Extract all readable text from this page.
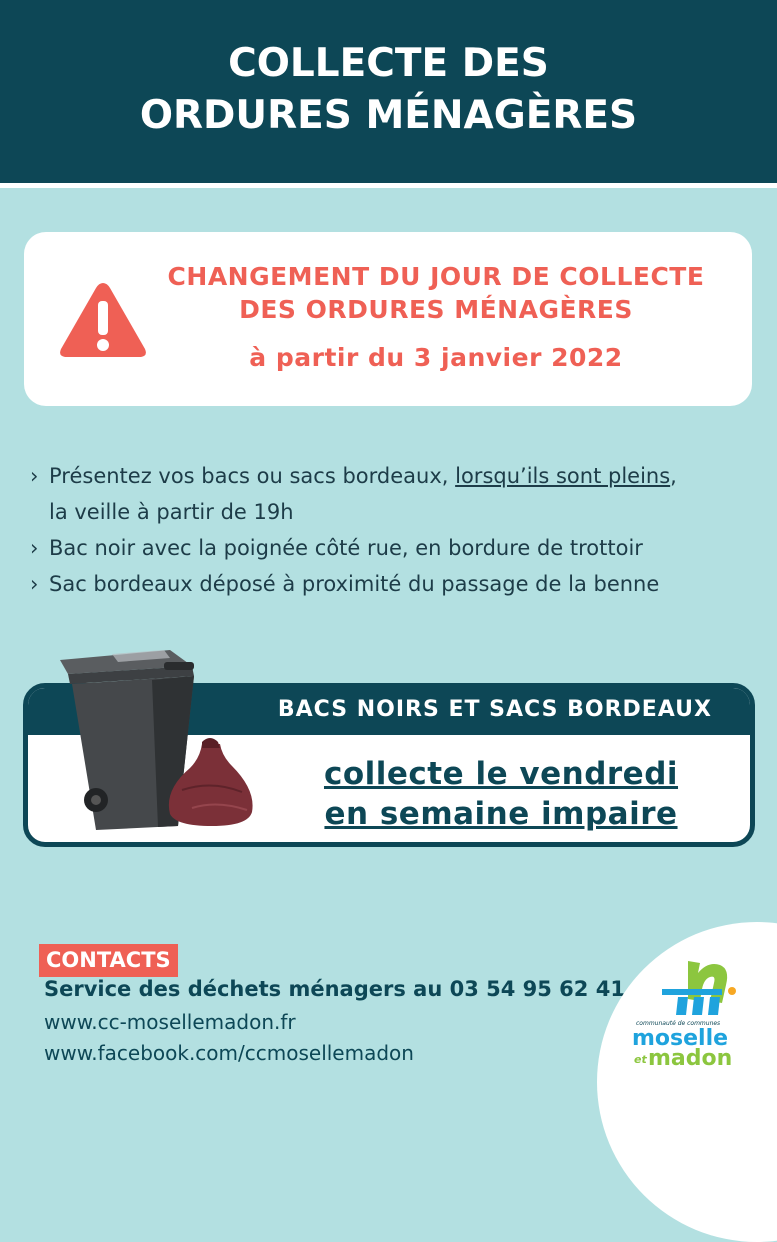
COLLECTE DES
ORDURES MÉNAGÈRES
CHANGEMENT DU JOUR DE COLLECTE
DES ORDURES MÉNAGÈRES
à partir du 3 janvier 2022
› Présentez vos bacs ou sacs bordeaux, lorsqu’ils sont pleins,
la veille à partir de 19h
› Bac noir avec la poignée côté rue, en bordure de trottoir
› Sac bordeaux déposé à proximité du passage de la benne
BACS NOIRS ET SACS BORDEAUX
collecte le vendredi
en semaine impaire
CONTACTS
Service des déchets ménagers au 03 54 95 62 41
www.cc-mosellemadon.fr
www.facebook.com/ccmosellemadon
communauté de communes
moselle
et madon
